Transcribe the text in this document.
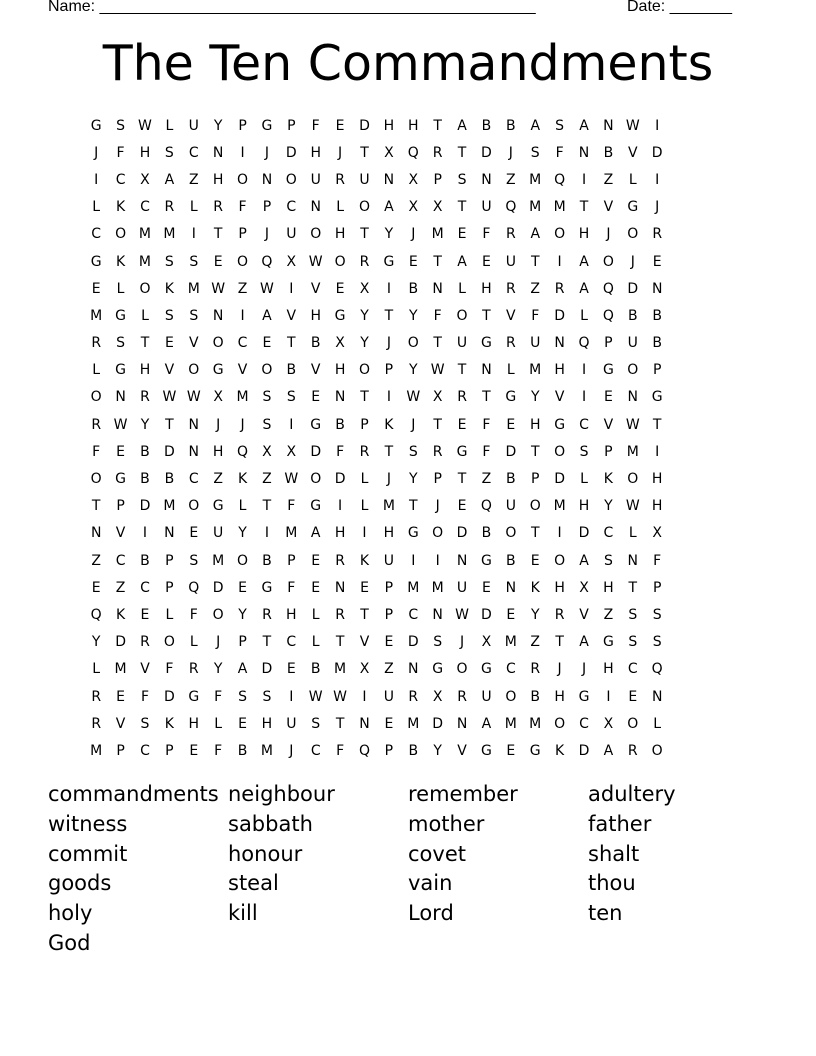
Name: _________________________________________________	Date: _______
The Ten Commandments
G	S W L	U	Y	P	G	P	F	E	D H H	T	A	B	B	A	S	A	N W	I
J	F	H	S	C	N	I	J	D H	J	T	X	Q	R	T	D	J	S	F	N	B	V	D
I	C	X	A	Z	H O N O U	R	U	N	X	P	S	N	Z M Q	I	Z	L	I
L	K	C	R	L	R	F	P	C	N	L	O	A	X	X	T	U Q M M	T	V	G	J
C O M M	I	T	P	J	U O H	T	Y	J	M E	F	R	A	O H	J	O	R
G	K M S	S	E	O Q	X W O	R	G	E	T	A	E	U	T	I	A	O	J	E
E	L	O	K M W Z W	I	V	E	X	I	B	N	L	H	R	Z	R	A	Q D N
M G	L	S	S	N	I	A	V	H G	Y	T	Y	F	O	T	V	F	D	L	Q	B	B
R	S	T	E	V	O C	E	T	B	X	Y	J	O	T	U G	R	U	N Q	P	U	B
L	G H	V	O G	V	O	B	V	H O	P	Y W T	N	L	M H	I	G O	P
O N	R W W X M S	S	E	N	T	I	W X	R	T	G	Y	V	I	E	N G
R W Y	T	N	J	J	S	I	G	B	P	K	J	T	E	F	E	H G	C	V W T
F	E	B	D N H Q	X	X	D	F	R	T	S	R	G	F	D	T	O	S	P	M	I
O G	B	B	C	Z	K	Z W O D	L	J	Y	P	T	Z	B	P	D	L	K	O H
T	P	D M O G	L	T	F	G	I	L	M	T	J	E	Q U O M H	Y W H
N	V	I	N	E	U	Y	I	M A	H	I	H G O D	B	O	T	I	D	C	L	X
Z	C	B	P	S M O	B	P	E	R	K	U	I	I	N G	B	E	O	A	S	N	F
E	Z	C	P	Q D	E	G	F	E	N	E	P	M M U	E	N	K	H	X	H	T	P
Q	K	E	L	F	O	Y	R	H	L	R	T	P	C	N W D	E	Y	R	V	Z	S	S
Y	D	R	O	L	J	P	T	C	L	T	V	E	D	S	J	X M Z	T	A	G	S	S
L	M V	F	R	Y	A	D	E	B M X	Z	N G O G	C	R	J	J	H	C Q
R	E	F	D G	F	S	S	I	W W	I	U	R	X	R	U O	B	H G	I	E	N
R	V	S	K	H	L	E	H	U	S	T	N	E M D N	A M M O C	X	O	L
M	P	C	P	E	F	B M	J	C	F	Q	P	B	Y	V	G	E	G	K	D	A	R	O
commandments neighbour	remember	adultery
witness	sabbath	mother	father
commit	honour	covet	shalt
goods	steal	vain	thou
holy	kill	Lord	ten
God
